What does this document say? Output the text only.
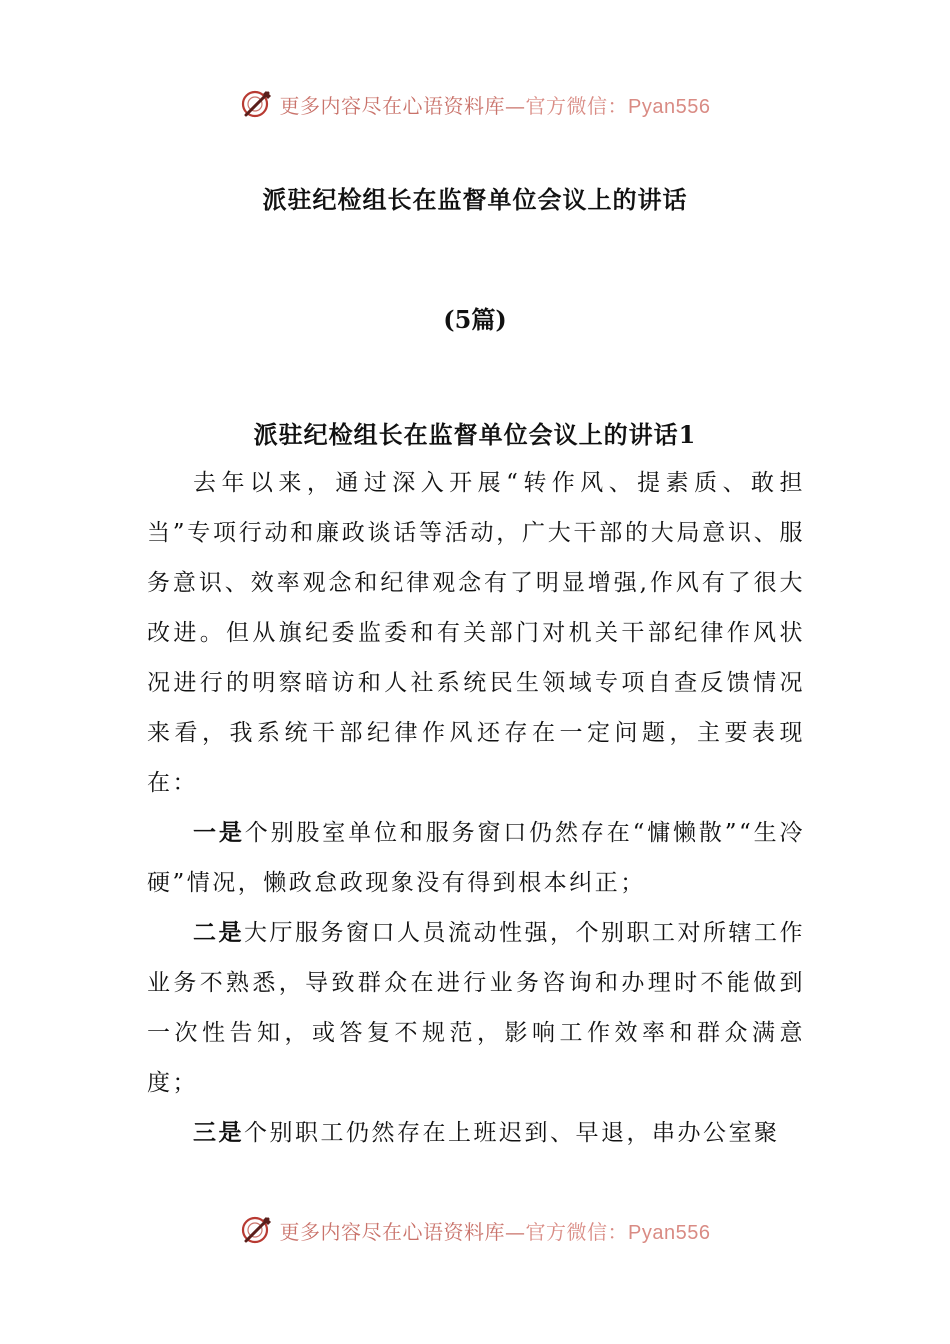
更多内容尽在心语资料库—官方微信：Pyan556
派驻纪检组长在监督单位会议上的讲话
(5篇)
派驻纪检组长在监督单位会议上的讲话1

去年以来，通过深入开展“转作风、提素质、敢担当”专项行动和廉政谈话等活动，广大干部的大局意识、服务意识、效率观念和纪律观念有了明显增强,作风有了很大改进。但从旗纪委监委和有关部门对机关干部纪律作风状况进行的明察暗访和人社系统民生领域专项自查反馈情况来看，我系统干部纪律作风还存在一定问题，主要表现在：

一是个别股室单位和服务窗口仍然存在“慵懒散”“生冷硬”情况，懒政怠政现象没有得到根本纠正；

二是大厅服务窗口人员流动性强，个别职工对所辖工作业务不熟悉，导致群众在进行业务咨询和办理时不能做到一次性告知，或答复不规范，影响工作效率和群众满意度；

三是个别职工仍然存在上班迟到、早退，串办公室聚

更多内容尽在心语资料库—官方微信：Pyan556
